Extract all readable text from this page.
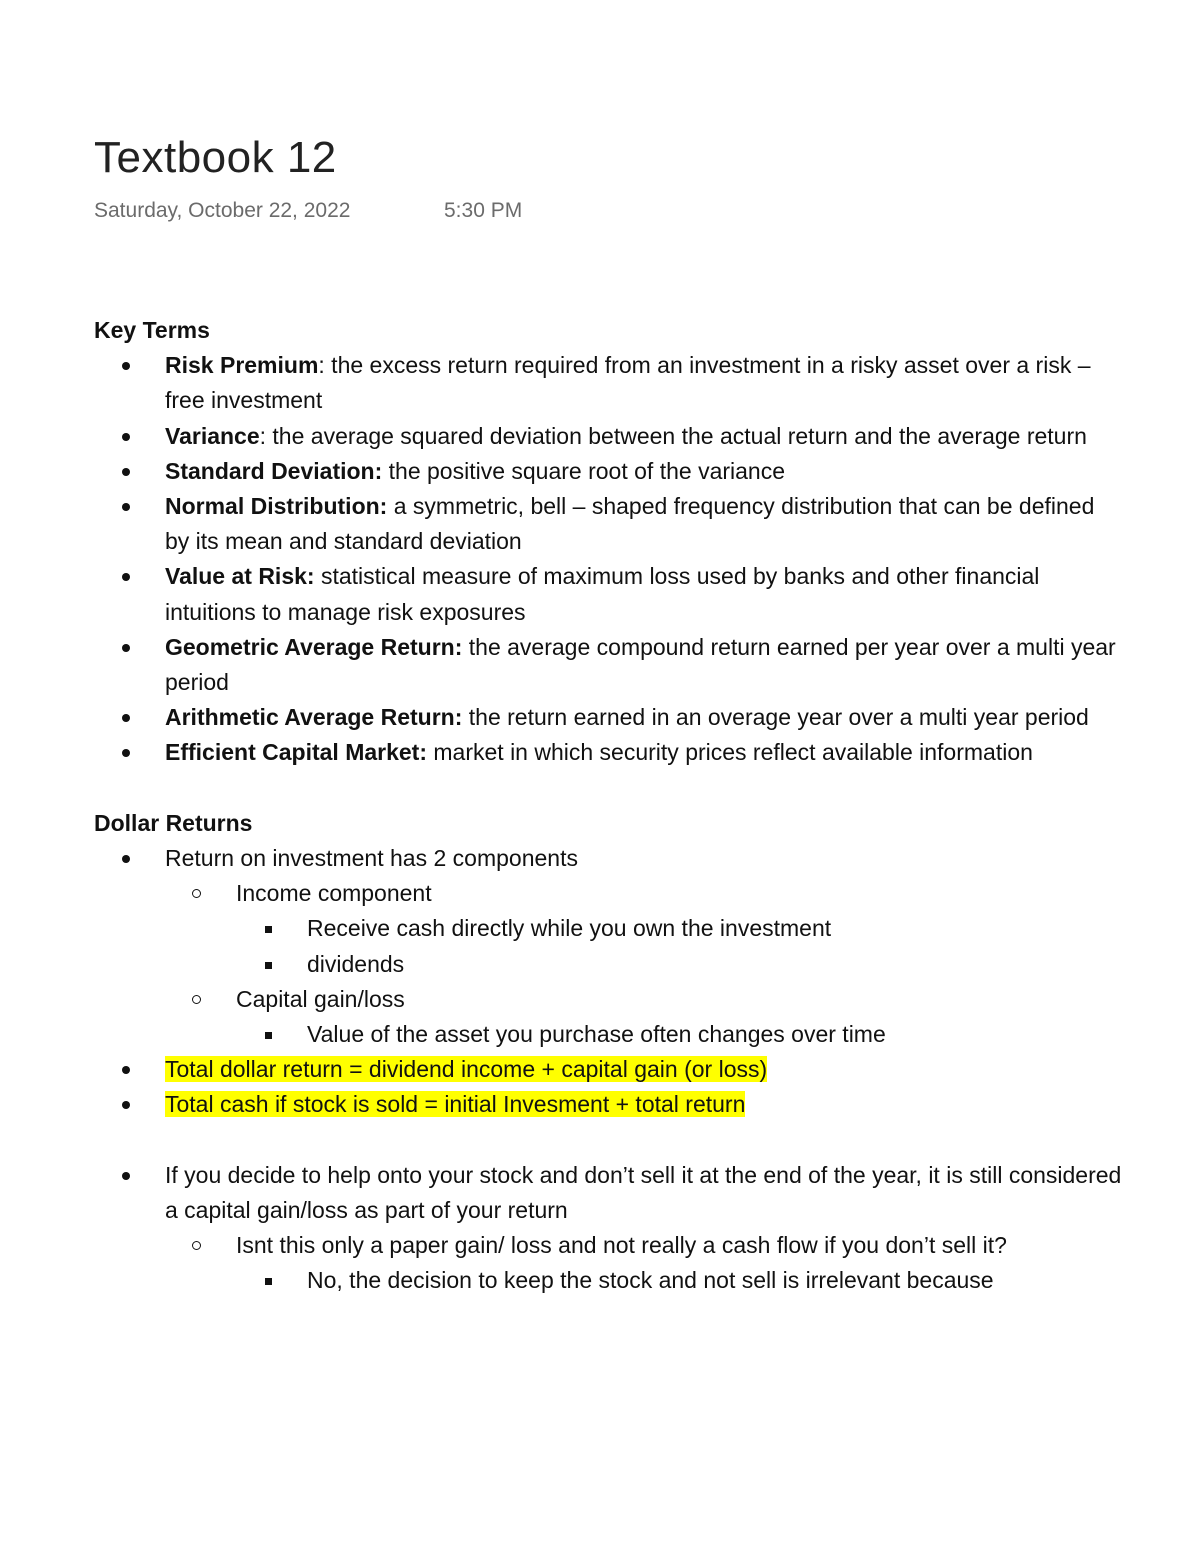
Textbook 12
Saturday, October 22, 2022	5:30 PM

Key Terms

Risk Premium: the excess return required from an investment in a risky asset over a risk – free investment
Variance: the average squared deviation between the actual return and the average return
Standard Deviation: the positive square root of the variance
Normal Distribution: a symmetric, bell – shaped frequency distribution that can be defined by its mean and standard deviation
Value at Risk: statistical measure of maximum loss used by banks and other financial intuitions to manage risk exposures
Geometric Average Return: the average compound return earned per year over a multi year period
Arithmetic Average Return: the return earned in an overage year over a multi year period
Efficient Capital Market: market in which security prices reflect available information

Dollar Returns

Return on investment has 2 components
Income component
Receive cash directly while you own the investment
dividends
Capital gain/loss
Value of the asset you purchase often changes over time
Total dollar return = dividend income + capital gain (or loss)
Total cash if stock is sold = initial Invesment + total return
If you decide to help onto your stock and don’t sell it at the end of the year, it is still considered a capital gain/loss as part of your return
Isnt this only a paper gain/ loss and not really a cash flow if you don’t sell it?
No, the decision to keep the stock and not sell is irrelevant because
